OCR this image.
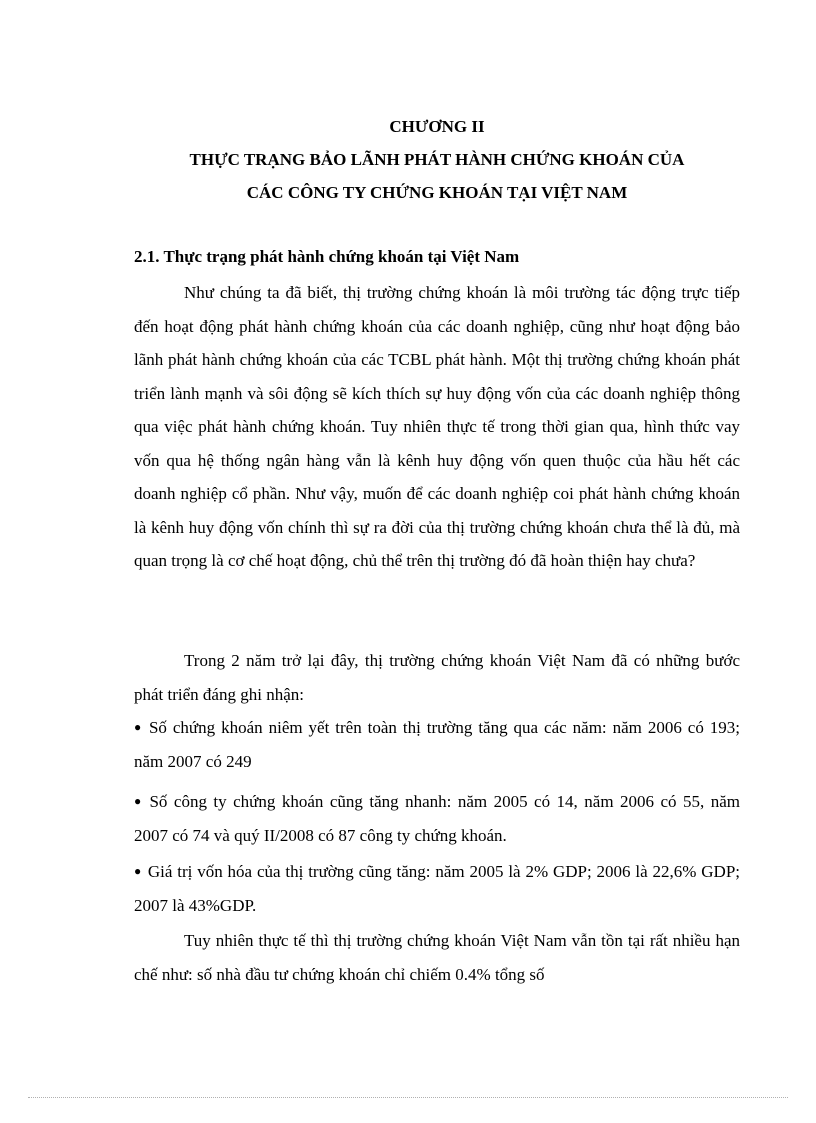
CHƯƠNG II
THỰC TRẠNG BẢO LÃNH PHÁT HÀNH CHỨNG KHOÁN CỦA
CÁC CÔNG TY CHỨNG KHOÁN TẠI VIỆT NAM
2.1. Thực trạng phát hành chứng khoán tại Việt Nam

Như chúng ta đã biết, thị trường chứng khoán là môi trường tác động trực tiếp đến hoạt động phát hành chứng khoán của các doanh nghiệp, cũng như hoạt động bảo lãnh phát hành chứng khoán của các TCBL phát hành. Một thị trường chứng khoán phát triển lành mạnh và sôi động sẽ kích thích sự huy động vốn của các doanh nghiệp thông qua việc phát hành chứng khoán. Tuy nhiên thực tế trong thời gian qua, hình thức vay vốn qua hệ thống ngân hàng vẫn là kênh huy động vốn quen thuộc của hầu hết các doanh nghiệp cổ phần. Như vậy, muốn để các doanh nghiệp coi phát hành chứng khoán là kênh huy động vốn chính thì sự ra đời của thị trường chứng khoán chưa thể là đủ, mà quan trọng là cơ chế hoạt động, chủ thể trên thị trường đó đã hoàn thiện hay chưa?

Trong 2 năm trở lại đây, thị trường chứng khoán Việt Nam đã có những bước phát triển đáng ghi nhận:

● Số chứng khoán niêm yết trên toàn thị trường tăng qua các năm: năm 2006 có 193; năm 2007 có 249

● Số công ty chứng khoán cũng tăng nhanh: năm 2005 có 14, năm 2006 có 55, năm 2007 có 74 và quý II/2008 có 87 công ty chứng khoán.

● Giá trị vốn hóa của thị trường cũng tăng: năm 2005 là 2% GDP; 2006 là 22,6% GDP; 2007 là 43%GDP.

Tuy nhiên thực tế thì thị trường chứng khoán Việt Nam vẫn tồn tại rất nhiều hạn chế như: số nhà đầu tư chứng khoán chỉ chiếm 0.4% tổng số
